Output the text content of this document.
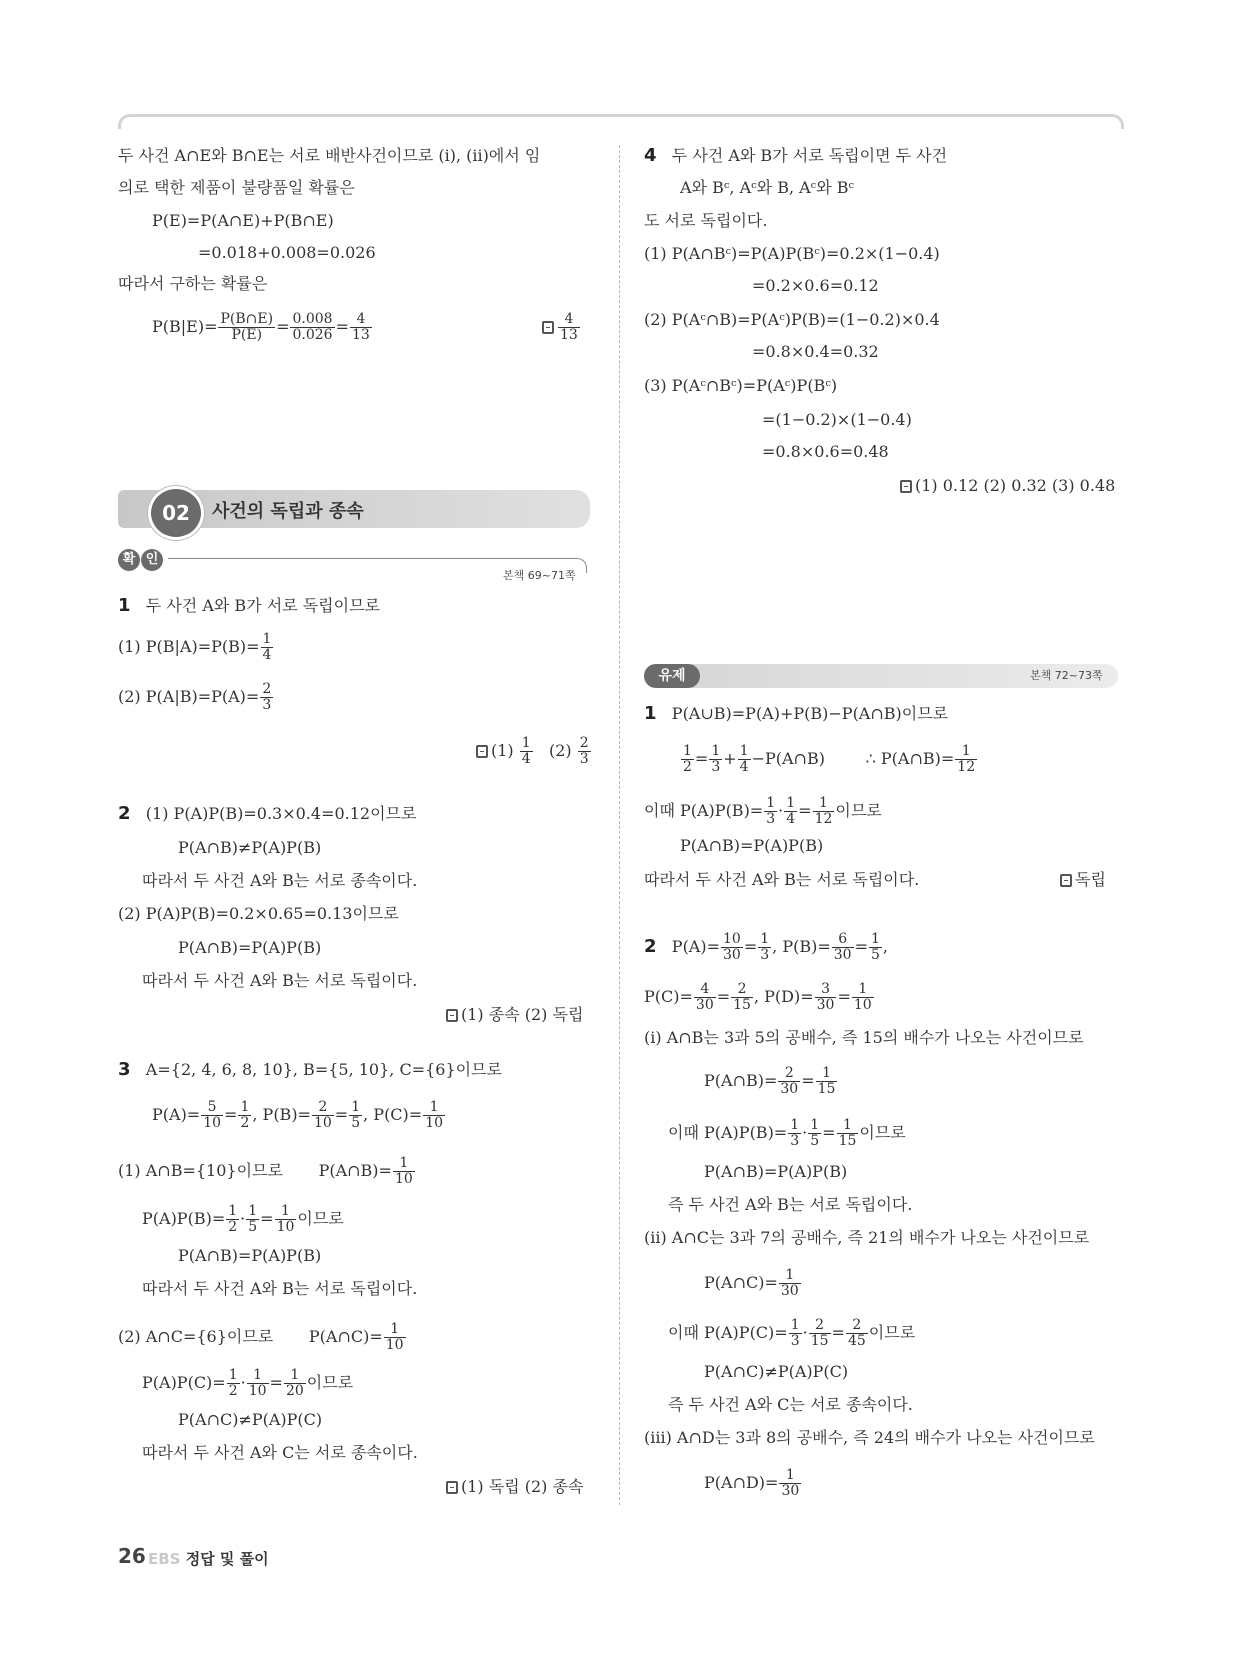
두 사건 A∩E와 B∩E는 서로 배반사건이므로 (i), (ii)에서 임
의로 택한 제품이 불량품일 확률은
P(E)=P(A∩E)+P(B∩E)
=0.018+0.008=0.026
따라서 구하는 확률은
$P(B|E)= \frac{P(B\cap E)}{P(E)} = \frac{0.008}{0.026} = \frac{4}{13}$	$\frac{4}{13}$
02	사건의 독립과 종속
확 인
본책 69~71쪽
1 두 사건 A와 B가 서로 독립이므로
(1) $P(B|A)=P(B)= \frac{1}{4}$
(2) $P(A|B)=P(A)= \frac{2}{3}$
$(1) \frac{1}{4} (2) \frac{2}{3}$
2 (1) P(A)P(B)=0.3×0.4=0.12이므로
P(A∩B)≠P(A)P(B)
따라서 두 사건 A와 B는 서로 종속이다.
(2) P(A)P(B)=0.2×0.65=0.13이므로
P(A∩B)=P(A)P(B)
따라서 두 사건 A와 B는 서로 독립이다.
(1) 종속 (2) 독립
3 A={2, 4, 6, 8, 10}, B={5, 10}, C={6}이므로
$P(A)= \frac{5}{10} = \frac{1}{2}$ , $P(B)= \frac{2}{10} = \frac{1}{5}$ , $P(C)= \frac{1}{10}$
(1) A∩B={10}이므로 P(A∩B)= $\frac{1}{10}$
$P(A)P(B)= \frac{1}{2} \cdot \frac{1}{5} = \frac{1}{10}$ 이므로
P(A∩B)=P(A)P(B)
따라서 두 사건 A와 B는 서로 독립이다.
(2) A∩C={6}이므로 P(A∩C)= $\frac{1}{10}$
$P(A)P(C)= \frac{1}{2} \cdot \frac{1}{10} = \frac{1}{20}$ 이므로
P(A∩C)≠P(A)P(C)
따라서 두 사건 A와 C는 서로 종속이다.
(1) 독립 (2) 종속
4 두 사건 A와 B가 서로 독립이면 두 사건
A와 Bᶜ, Aᶜ와 B, Aᶜ와 Bᶜ
도 서로 독립이다.
(1) P(A∩Bᶜ)=P(A)P(Bᶜ)=0.2×(1−0.4)
=0.2×0.6=0.12
(2) P(Aᶜ∩B)=P(Aᶜ)P(B)=(1−0.2)×0.4
=0.8×0.4=0.32
(3) P(Aᶜ∩Bᶜ)=P(Aᶜ)P(Bᶜ)
=(1−0.2)×(1−0.4)
=0.8×0.6=0.48
(1) 0.12 (2) 0.32 (3) 0.48
유제	본책 72~73쪽
1 P(A∪B)=P(A)+P(B)−P(A∩B)이므로
$\frac{1}{2} = \frac{1}{3} + \frac{1}{4}$ −P(A∩B)	∴ P(A∩B)= $\frac{1}{12}$
이때 $P(A)P(B)= \frac{1}{3} \cdot \frac{1}{4} = \frac{1}{12}$ 이므로
P(A∩B)=P(A)P(B)
따라서 두 사건 A와 B는 서로 독립이다.	독립
2 $P(A)= \frac{10}{30} = \frac{1}{3}$ , $P(B)= \frac{6}{30} = \frac{1}{5}$ ,
$P(C)= \frac{4}{30} = \frac{2}{15}$ , $P(D)= \frac{3}{30} = \frac{1}{10}$
(i) A∩B는 3과 5의 공배수, 즉 15의 배수가 나오는 사건이므로
P(A∩B)= $\frac{2}{30} = \frac{1}{15}$
이때 $P(A)P(B)= \frac{1}{3} \cdot \frac{1}{5} = \frac{1}{15}$ 이므로
P(A∩B)=P(A)P(B)
즉 두 사건 A와 B는 서로 독립이다.
(ii) A∩C는 3과 7의 공배수, 즉 21의 배수가 나오는 사건이므로
P(A∩C)= $\frac{1}{30}$
이때 $P(A)P(C)= \frac{1}{3} \cdot \frac{2}{15} = \frac{2}{45}$ 이므로
P(A∩C)≠P(A)P(C)
즉 두 사건 A와 C는 서로 종속이다.
(iii) A∩D는 3과 8의 공배수, 즉 24의 배수가 나오는 사건이므로
P(A∩D)= $\frac{1}{30}$
26 EBS 정답 및 풀이
